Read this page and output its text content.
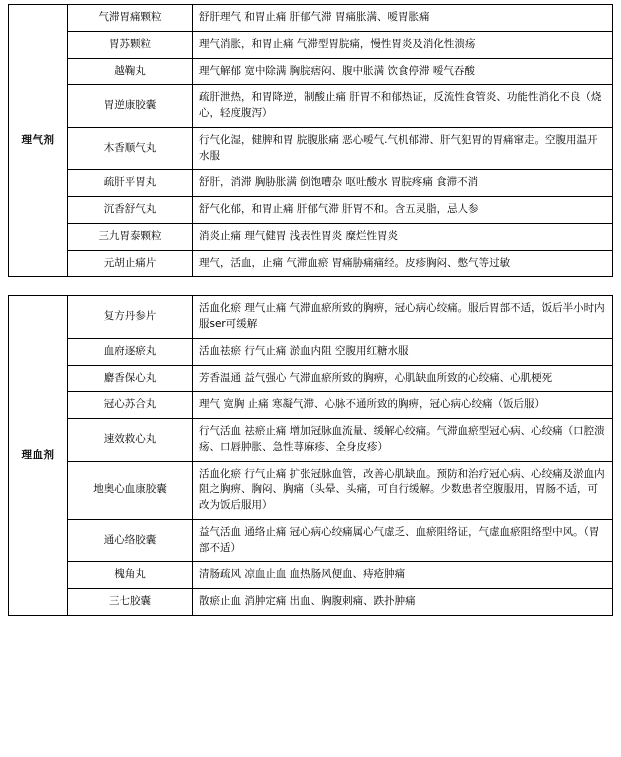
理气剂	气滞胃痛颗粒	舒肝理气 和胃止痛 肝郁气滞 胃痛胀满、嗳胃胀痛
	胃苏颗粒	理气消胀，和胃止痛 气滞型胃脘痛，慢性胃炎及消化性溃疡
	越鞠丸	理气解郁 宽中除满 胸脘痞闷、腹中胀满 饮食停滞 嗳气吞酸
	胃逆康胶囊	疏肝泄热，和胃降逆，制酸止痛 肝胃不和郁热证，反流性食管炎、功能性消化不良（烧心，轻度腹泻）
	木香顺气丸	行气化湿，健脾和胃 脘腹胀痛 恶心嗳气.气机郁滞、肝气犯胃的胃痛窜走。空腹用温开水服
	疏肝平胃丸	舒肝，消滞 胸胁胀满 倒饱嘈杂 呕吐酸水 胃脘疼痛 食滞不消
	沉香舒气丸	舒气化郁，和胃止痛 肝郁气滞 肝胃不和。含五灵脂，忌人参
	三九胃泰颗粒	消炎止痛 理气健胃 浅表性胃炎 糜烂性胃炎
	元胡止痛片	理气，活血，止痛 气滞血瘀 胃痛胁痛痛经。皮疹胸闷、憋气等过敏
理血剂	复方丹参片	活血化瘀 理气止痛 气滞血瘀所致的胸痹，冠心病心绞痛。服后胃部不适，饭后半小时内服ser可缓解
	血府逐瘀丸	活血祛瘀 行气止痛 淤血内阻 空腹用红糖水服
	麝香保心丸	芳香温通 益气强心 气滞血瘀所致的胸痹，心肌缺血所致的心绞痛、心肌梗死
	冠心苏合丸	理气 宽胸 止痛 寒凝气滞、心脉不通所致的胸痹，冠心病心绞痛（饭后服）
	速效救心丸	行气活血 祛瘀止痛 增加冠脉血流量、缓解心绞痛。气滞血瘀型冠心病、心绞痛（口腔溃疡、口唇肿胀、急性荨麻疹、全身皮疹）
	地奥心血康胶囊	活血化瘀 行气止痛 扩张冠脉血管，改善心肌缺血。预防和治疗冠心病、心绞痛及淤血内阻之胸痹、胸闷、胸痛（头晕、头痛，可自行缓解。少数患者空腹服用，胃肠不适，可改为饭后服用）
	通心络胶囊	益气活血 通络止痛 冠心病心绞痛属心气虚乏、血瘀阻络证，气虚血瘀阻络型中风。（胃部不适）
	槐角丸	清肠疏风 凉血止血 血热肠风便血、痔疮肿痛
	三七胶囊	散瘀止血 消肿定痛 出血、胸腹刺痛、跌扑肿痛
